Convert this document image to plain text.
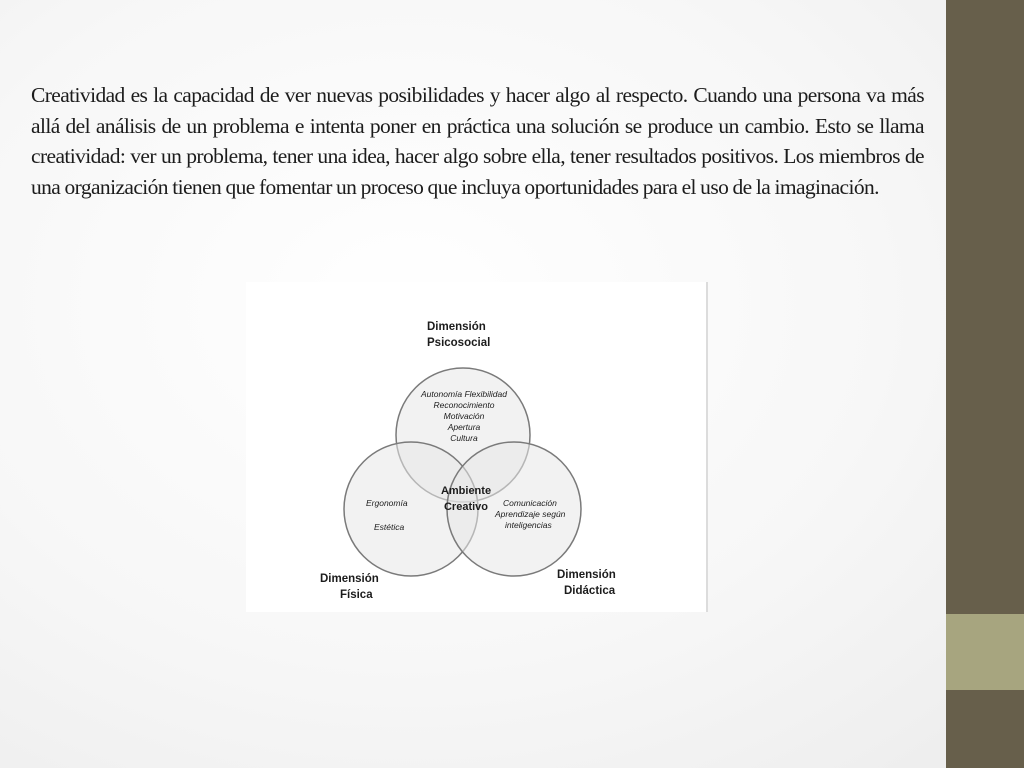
Creatividad es la capacidad de ver nuevas posibilidades y hacer algo al respecto. Cuando una persona va más allá del análisis de un problema e intenta poner en práctica una solución se produce un cambio. Esto se llama creatividad: ver un problema, tener una idea, hacer algo sobre ella, tener resultados positivos. Los miembros de una organización tienen que fomentar un proceso que incluya oportunidades para el uso de la imaginación.

Dimensión
Psicosocial
Autonomía Flexibilidad
Reconocimiento
Motivación
Apertura
Cultura
Ergonomía
Estética
Ambiente
Creativo Comunicación
Aprendizaje según
inteligencias
Dimensión
Física
Dimensión
Didáctica
